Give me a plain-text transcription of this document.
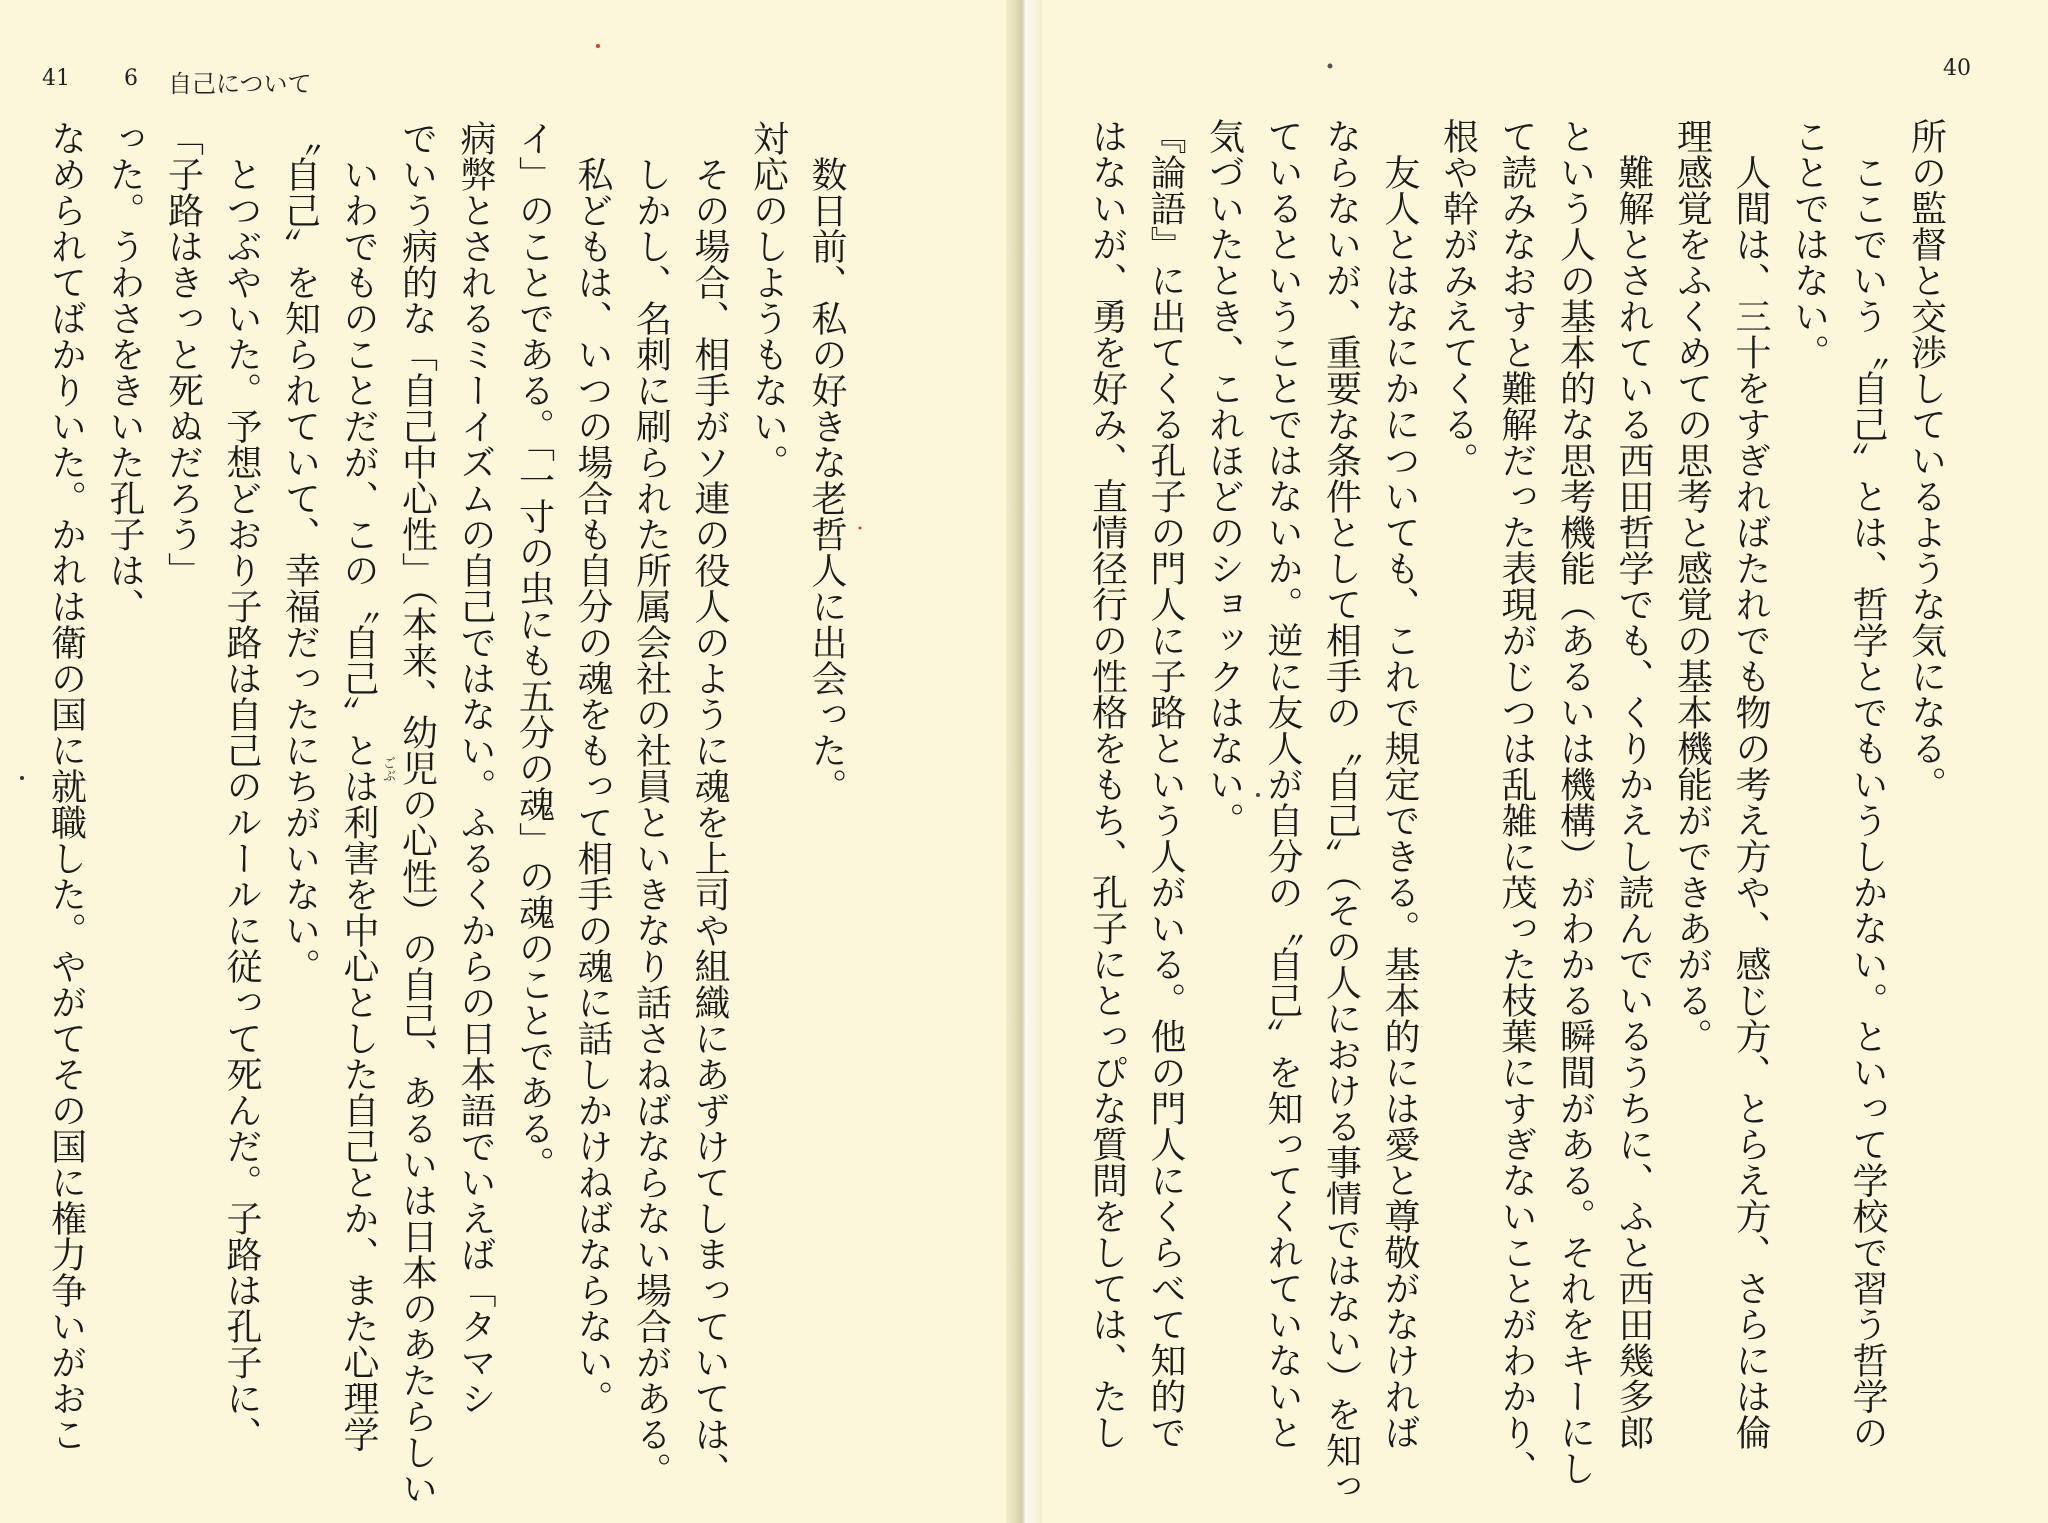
41 6 自己について
40
所の監督と交渉しているような気になる。
　ここでいう〝自己〟とは、哲学とでもいうしかない。といって学校で習う哲学の
ことではない。
　人間は、三十をすぎればたれでも物の考え方や、感じ方、とらえ方、さらには倫
理感覚をふくめての思考と感覚の基本機能ができあがる。
　難解とされている西田哲学でも、くりかえし読んでいるうちに、ふと西田幾多郎
という人の基本的な思考機能（あるいは機構）がわかる瞬間がある。それをキーにし
て読みなおすと難解だった表現がじつは乱雑に茂った枝葉にすぎないことがわかり、
根や幹がみえてくる。
　友人とはなにかについても、これで規定できる。基本的には愛と尊敬がなければ
ならないが、重要な条件として相手の〝自己〟（その人における事情ではない）を知っ
ているということではないか。逆に友人が自分の〝自己〟を知ってくれていないと
気づいたとき、これほどのショックはない。
『論語』に出てくる孔子の門人に子路という人がいる。他の門人にくらべて知的で
はないが、勇を好み、直情径行の性格をもち、孔子にとっぴな質問をしては、たし
　数日前、私の好きな老哲人に出会った。
対応のしようもない。
　その場合、相手がソ連の役人のように魂を上司や組織にあずけてしまっていては、
　しかし、名刺に刷られた所属会社の社員といきなり話さねばならない場合がある。
　私どもは、いつの場合も自分の魂をもって相手の魂に話しかけねばならない。
イ」のことである。「一寸の虫にも五分の魂」の魂のことである。
病弊とされるミーイズムの自己ではない。ふるくからの日本語でいえば「タマシ
でいう病的な「自己中心性」（本来、幼児の心性）の自己、あるいは日本のあたらしい
　いわでものことだが、この〝自己〟とは利害を中心とした自己とか、また心理学
〝自己〟を知られていて、幸福だったにちがいない。
　とつぶやいた。予想どおり子路は自己のルールに従って死んだ。子路は孔子に、
「子路はきっと死ぬだろう」
った。うわさをきいた孔子は、
なめられてばかりいた。かれは衛の国に就職した。やがてその国に権力争いがおこ	ごぶ
